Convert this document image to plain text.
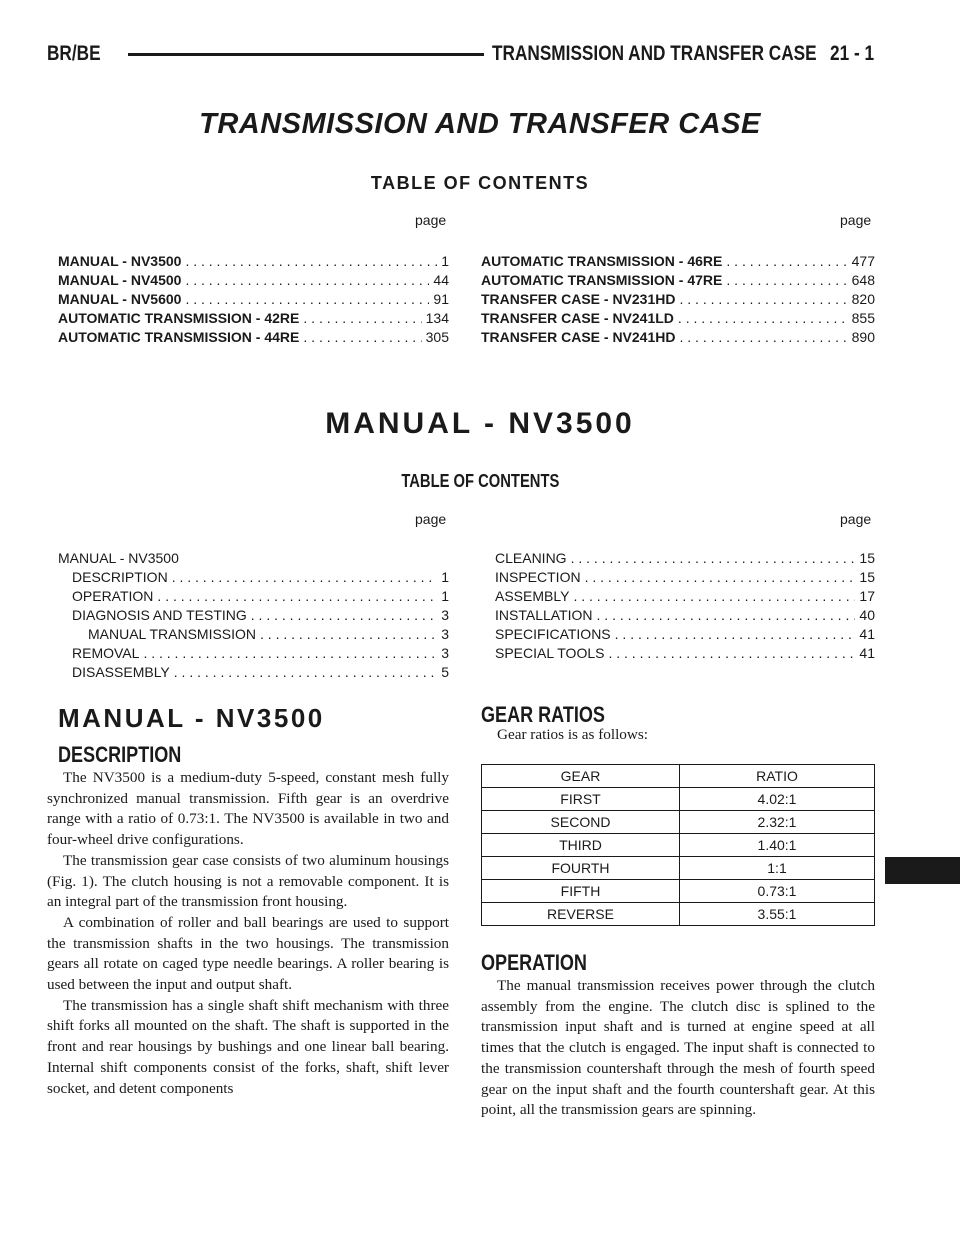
BR/BE	TRANSMISSION AND TRANSFER CASE 21 - 1
TRANSMISSION AND TRANSFER CASE
TABLE OF CONTENTS
page	page
MANUAL - NV3500 . . .	1
MANUAL - NV4500 . . .	44
MANUAL - NV5600 . . .	91
AUTOMATIC TRANSMISSION - 42RE . . .	134
AUTOMATIC TRANSMISSION - 44RE . . .	305
AUTOMATIC TRANSMISSION - 46RE . . .	477
AUTOMATIC TRANSMISSION - 47RE . . .	648
TRANSFER CASE - NV231HD . . .	820
TRANSFER CASE - NV241LD . . .	855
TRANSFER CASE - NV241HD . . .	890
MANUAL - NV3500
TABLE OF CONTENTS
page	page
MANUAL - NV3500
DESCRIPTION . . .	1
OPERATION . . .	1
DIAGNOSIS AND TESTING . . .	3
MANUAL TRANSMISSION . . .	3
REMOVAL . . .	3
DISASSEMBLY . . .	5
CLEANING . . .	15
INSPECTION . . .	15
ASSEMBLY . . .	17
INSTALLATION . . .	40
SPECIFICATIONS . . .	41
SPECIAL TOOLS . . .	41
MANUAL - NV3500
DESCRIPTION

The NV3500 is a medium-duty 5-speed, constant mesh fully synchronized manual transmission. Fifth gear is an overdrive range with a ratio of 0.73:1. The NV3500 is available in two and four-wheel drive configurations.

The transmission gear case consists of two aluminum housings (Fig. 1). The clutch housing is not a removable component. It is an integral part of the transmission front housing.

A combination of roller and ball bearings are used to support the transmission shafts in the two housings. The transmission gears all rotate on caged type needle bearings. A roller bearing is used between the input and output shaft.

The transmission has a single shaft shift mechanism with three shift forks all mounted on the shaft. The shaft is supported in the front and rear housings by bushings and one linear ball bearing. Internal shift components consist of the forks, shaft, shift lever socket, and detent components

GEAR RATIOS
Gear ratios is as follows:
GEAR	RATIO
FIRST	4.02:1
SECOND	2.32:1
THIRD	1.40:1
FOURTH	1:1
FIFTH	0.73:1
REVERSE	3.55:1
OPERATION

The manual transmission receives power through the clutch assembly from the engine. The clutch disc is splined to the transmission input shaft and is turned at engine speed at all times that the clutch is engaged. The input shaft is connected to the transmission countershaft through the mesh of fourth speed gear on the input shaft and the fourth countershaft gear. At this point, all the transmission gears are spinning.
